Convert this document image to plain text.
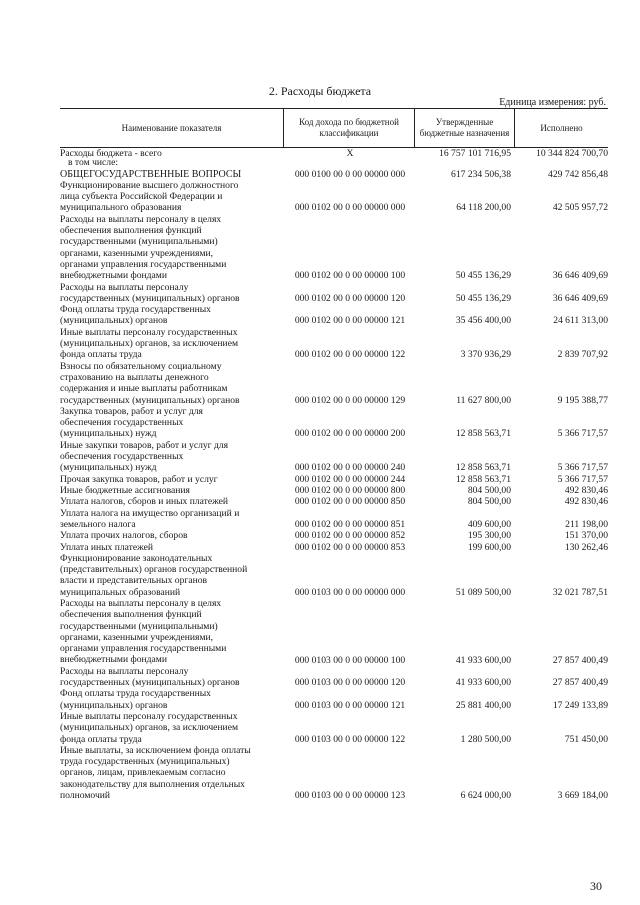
2. Расходы бюджета
Единица измерения: руб.
Наименование показателя
Код дохода по бюджетной классификации
Утвержденные бюджетные назначения
Исполнено
Расходы бюджета - всего	X	16 757 101 716,95	10 344 824 700,70
в том числе:
ОБЩЕГОСУДАРСТВЕННЫЕ ВОПРОСЫ	000 0100 00 0 00 00000 000	617 234 506,38	429 742 856,48
Функционирование высшего должностного
лица субъекта Российской Федерации и
муниципального образования	000 0102 00 0 00 00000 000	64 118 200,00	42 505 957,72
Расходы на выплаты персоналу в целях
обеспечения выполнения функций
государственными (муниципальными)
органами, казенными учреждениями,
органами управления государственными
внебюджетными фондами	000 0102 00 0 00 00000 100	50 455 136,29	36 646 409,69
Расходы на выплаты персоналу
государственных (муниципальных) органов	000 0102 00 0 00 00000 120	50 455 136,29	36 646 409,69
Фонд оплаты труда государственных
(муниципальных) органов	000 0102 00 0 00 00000 121	35 456 400,00	24 611 313,00
Иные выплаты персоналу государственных
(муниципальных) органов, за исключением
фонда оплаты труда	000 0102 00 0 00 00000 122	3 370 936,29	2 839 707,92
Взносы по обязательному социальному
страхованию на выплаты денежного
содержания и иные выплаты работникам
государственных (муниципальных) органов	000 0102 00 0 00 00000 129	11 627 800,00	9 195 388,77
Закупка товаров, работ и услуг для
обеспечения государственных
(муниципальных) нужд	000 0102 00 0 00 00000 200	12 858 563,71	5 366 717,57
Иные закупки товаров, работ и услуг для
обеспечения государственных
(муниципальных) нужд	000 0102 00 0 00 00000 240	12 858 563,71	5 366 717,57
Прочая закупка товаров, работ и услуг	000 0102 00 0 00 00000 244	12 858 563,71	5 366 717,57
Иные бюджетные ассигнования	000 0102 00 0 00 00000 800	804 500,00	492 830,46
Уплата налогов, сборов и иных платежей	000 0102 00 0 00 00000 850	804 500,00	492 830,46
Уплата налога на имущество организаций и
земельного налога	000 0102 00 0 00 00000 851	409 600,00	211 198,00
Уплата прочих налогов, сборов	000 0102 00 0 00 00000 852	195 300,00	151 370,00
Уплата иных платежей	000 0102 00 0 00 00000 853	199 600,00	130 262,46
Функционирование законодательных
(представительных) органов государственной
власти и представительных органов
муниципальных образований	000 0103 00 0 00 00000 000	51 089 500,00	32 021 787,51
Расходы на выплаты персоналу в целях
обеспечения выполнения функций
государственными (муниципальными)
органами, казенными учреждениями,
органами управления государственными
внебюджетными фондами	000 0103 00 0 00 00000 100	41 933 600,00	27 857 400,49
Расходы на выплаты персоналу
государственных (муниципальных) органов	000 0103 00 0 00 00000 120	41 933 600,00	27 857 400,49
Фонд оплаты труда государственных
(муниципальных) органов	000 0103 00 0 00 00000 121	25 881 400,00	17 249 133,89
Иные выплаты персоналу государственных
(муниципальных) органов, за исключением
фонда оплаты труда	000 0103 00 0 00 00000 122	1 280 500,00	751 450,00
Иные выплаты, за исключением фонда оплаты
труда государственных (муниципальных)
органов, лицам, привлекаемым согласно
законодательству для выполнения отдельных
полномочий	000 0103 00 0 00 00000 123	6 624 000,00	3 669 184,00
30
